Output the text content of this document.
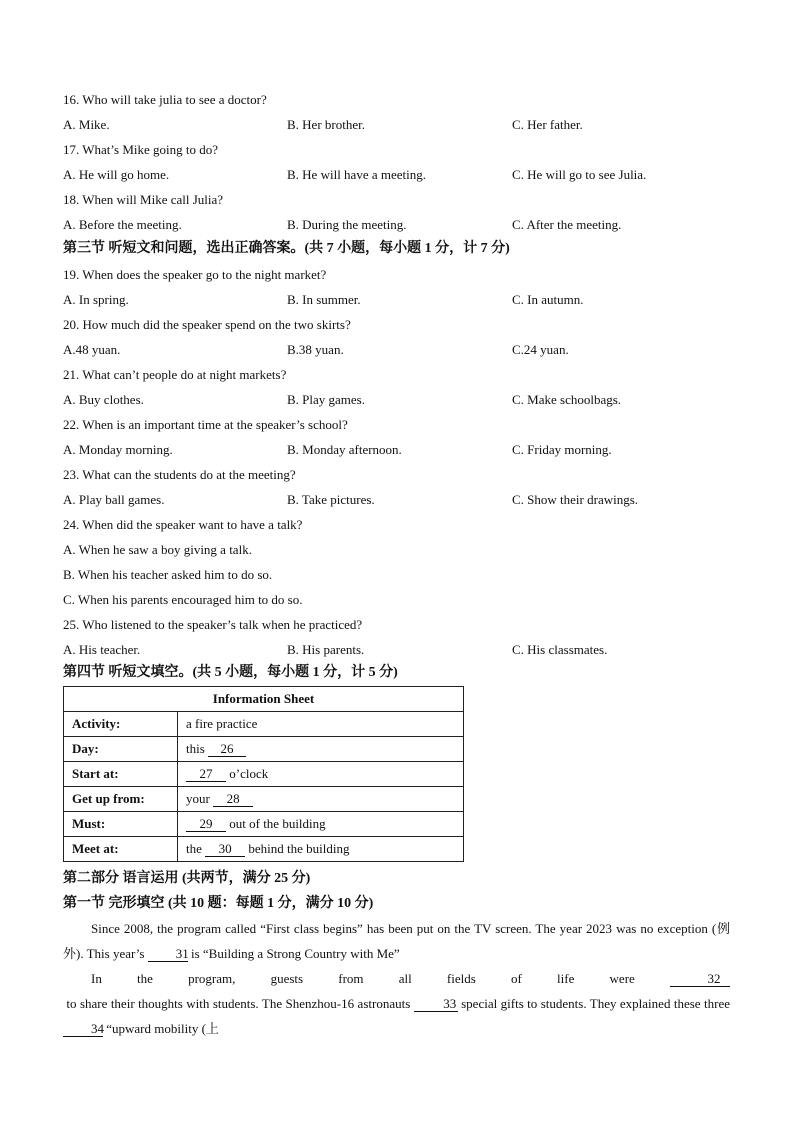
16. Who will take julia to see a doctor?
A. Mike.	B. Her brother.	C. Her father.
17. What’s Mike going to do?
A. He will go home.	B. He will have a meeting.	C. He will go to see Julia.
18. When will Mike call Julia?
A. Before the meeting.	B. During the meeting.	C. After the meeting.
第三节 听短文和问题，选出正确答案。(共 7 小题，每小题 1 分，计 7 分)
19. When does the speaker go to the night market?
A. In spring.	B. In summer.	C. In autumn.
20. How much did the speaker spend on the two skirts?
A.48 yuan.	B.38 yuan.	C.24 yuan.
21. What can’t people do at night markets?
A. Buy clothes.	B. Play games.	C. Make schoolbags.
22. When is an important time at the speaker’s school?
A. Monday morning.	B. Monday afternoon.	C. Friday morning.
23. What can the students do at the meeting?
A. Play ball games.	B. Take pictures.	C. Show their drawings.
24. When did the speaker want to have a talk?
A. When he saw a boy giving a talk.
B. When his teacher asked him to do so.
C. When his parents encouraged him to do so.
25. Who listened to the speaker’s talk when he practiced?
A. His teacher.	B. His parents.	C. His classmates.
第四节 听短文填空。(共 5 小题，每小题 1 分，计 5 分)
Information Sheet	
Activity:	a fire practice
Day:	this 26
Start at:	27 o’clock
Get up from:	your 28
Must:	29 out of the building
Meet at:	the 30 behind the building
第二部分 语言运用 (共两节，满分 25 分)
第一节 完形填空 (共 10 题：每题 1 分，满分 10 分)
Since 2008, the program called “First class begins” has been put on the TV screen. The year 2023 was no exception (例外). This year’s 31 is “Building a Strong Country with Me”
In the program, guests from all fields of life were	32 to share their thoughts with students. The Shenzhou-16 astronauts 33 special gifts to students. They explained these three 34 “upward mobility (上
